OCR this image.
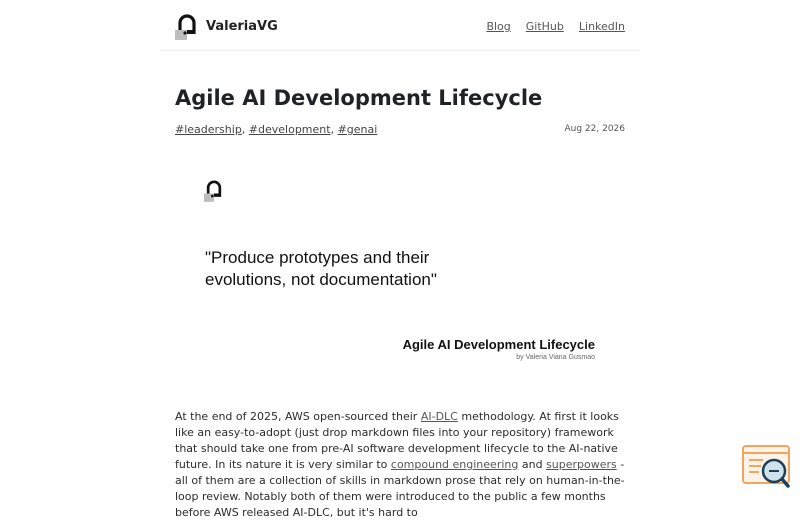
ValeriaVG	Blog GitHub LinkedIn
Agile AI Development Lifecycle
#leadership, #development, #genai	Aug 22, 2026
"Produce prototypes and their
evolutions, not documentation"
Agile AI Development Lifecycle
by Valeria Viana Gusmao

At the end of 2025, AWS open-sourced their AI-DLC methodology. At first it looks like an easy-to-adopt (just drop markdown files into your repository) framework that should take one from pre-AI software development lifecycle to the AI-native future. In its nature it is very similar to compound engineering and superpowers - all of them are a collection of skills in markdown prose that rely on human-in-the-loop review. Notably both of them were introduced to the public a few months before AWS released AI-DLC, but it's hard to
